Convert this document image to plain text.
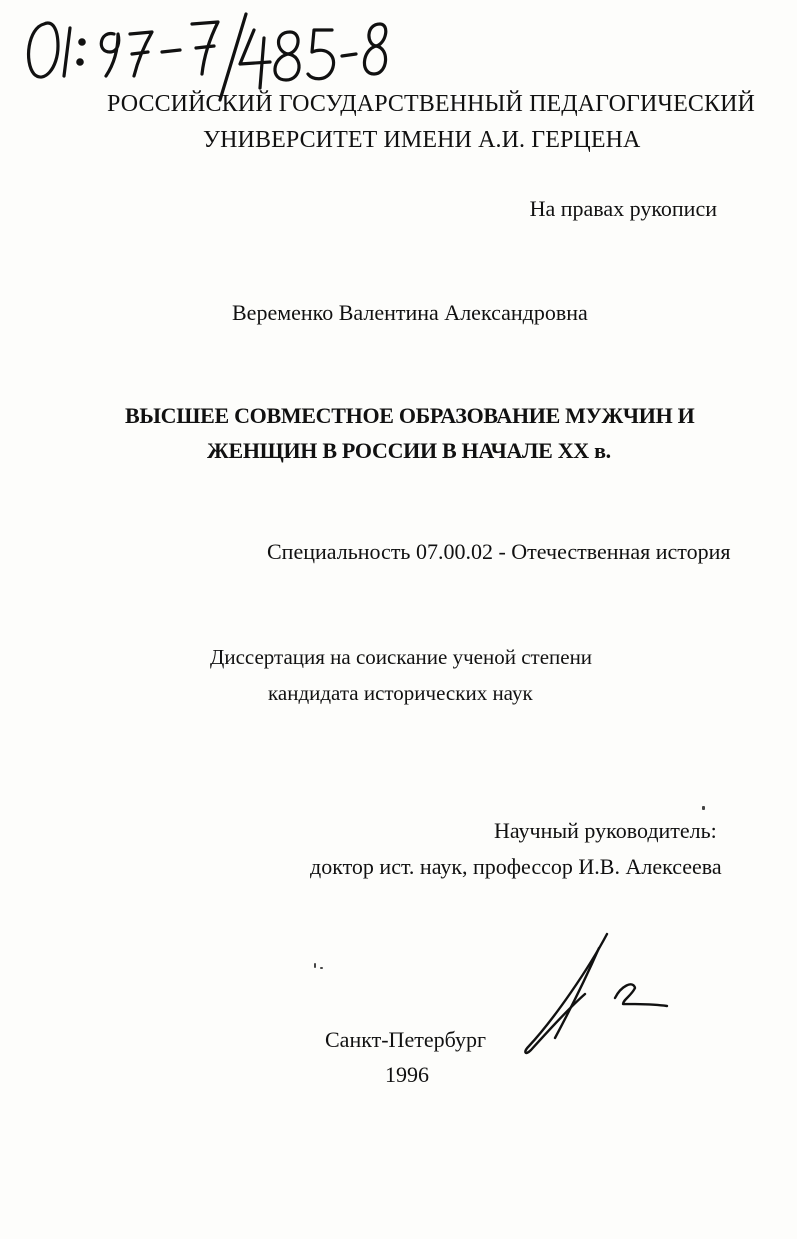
РОССИЙСКИЙ ГОСУДАРСТВЕННЫЙ ПЕДАГОГИЧЕСКИЙ
УНИВЕРСИТЕТ ИМЕНИ А.И. ГЕРЦЕНА
На правах рукописи
Веременко Валентина Александровна
ВЫСШЕЕ СОВМЕСТНОЕ ОБРАЗОВАНИЕ МУЖЧИН И
ЖЕНЩИН В РОССИИ В НАЧАЛЕ XX в.
Специальность 07.00.02 - Отечественная история
Диссертация на соискание ученой степени
кандидата исторических наук
Научный руководитель:
доктор ист. наук, профессор И.В. Алексеева
Санкт-Петербург
1996
